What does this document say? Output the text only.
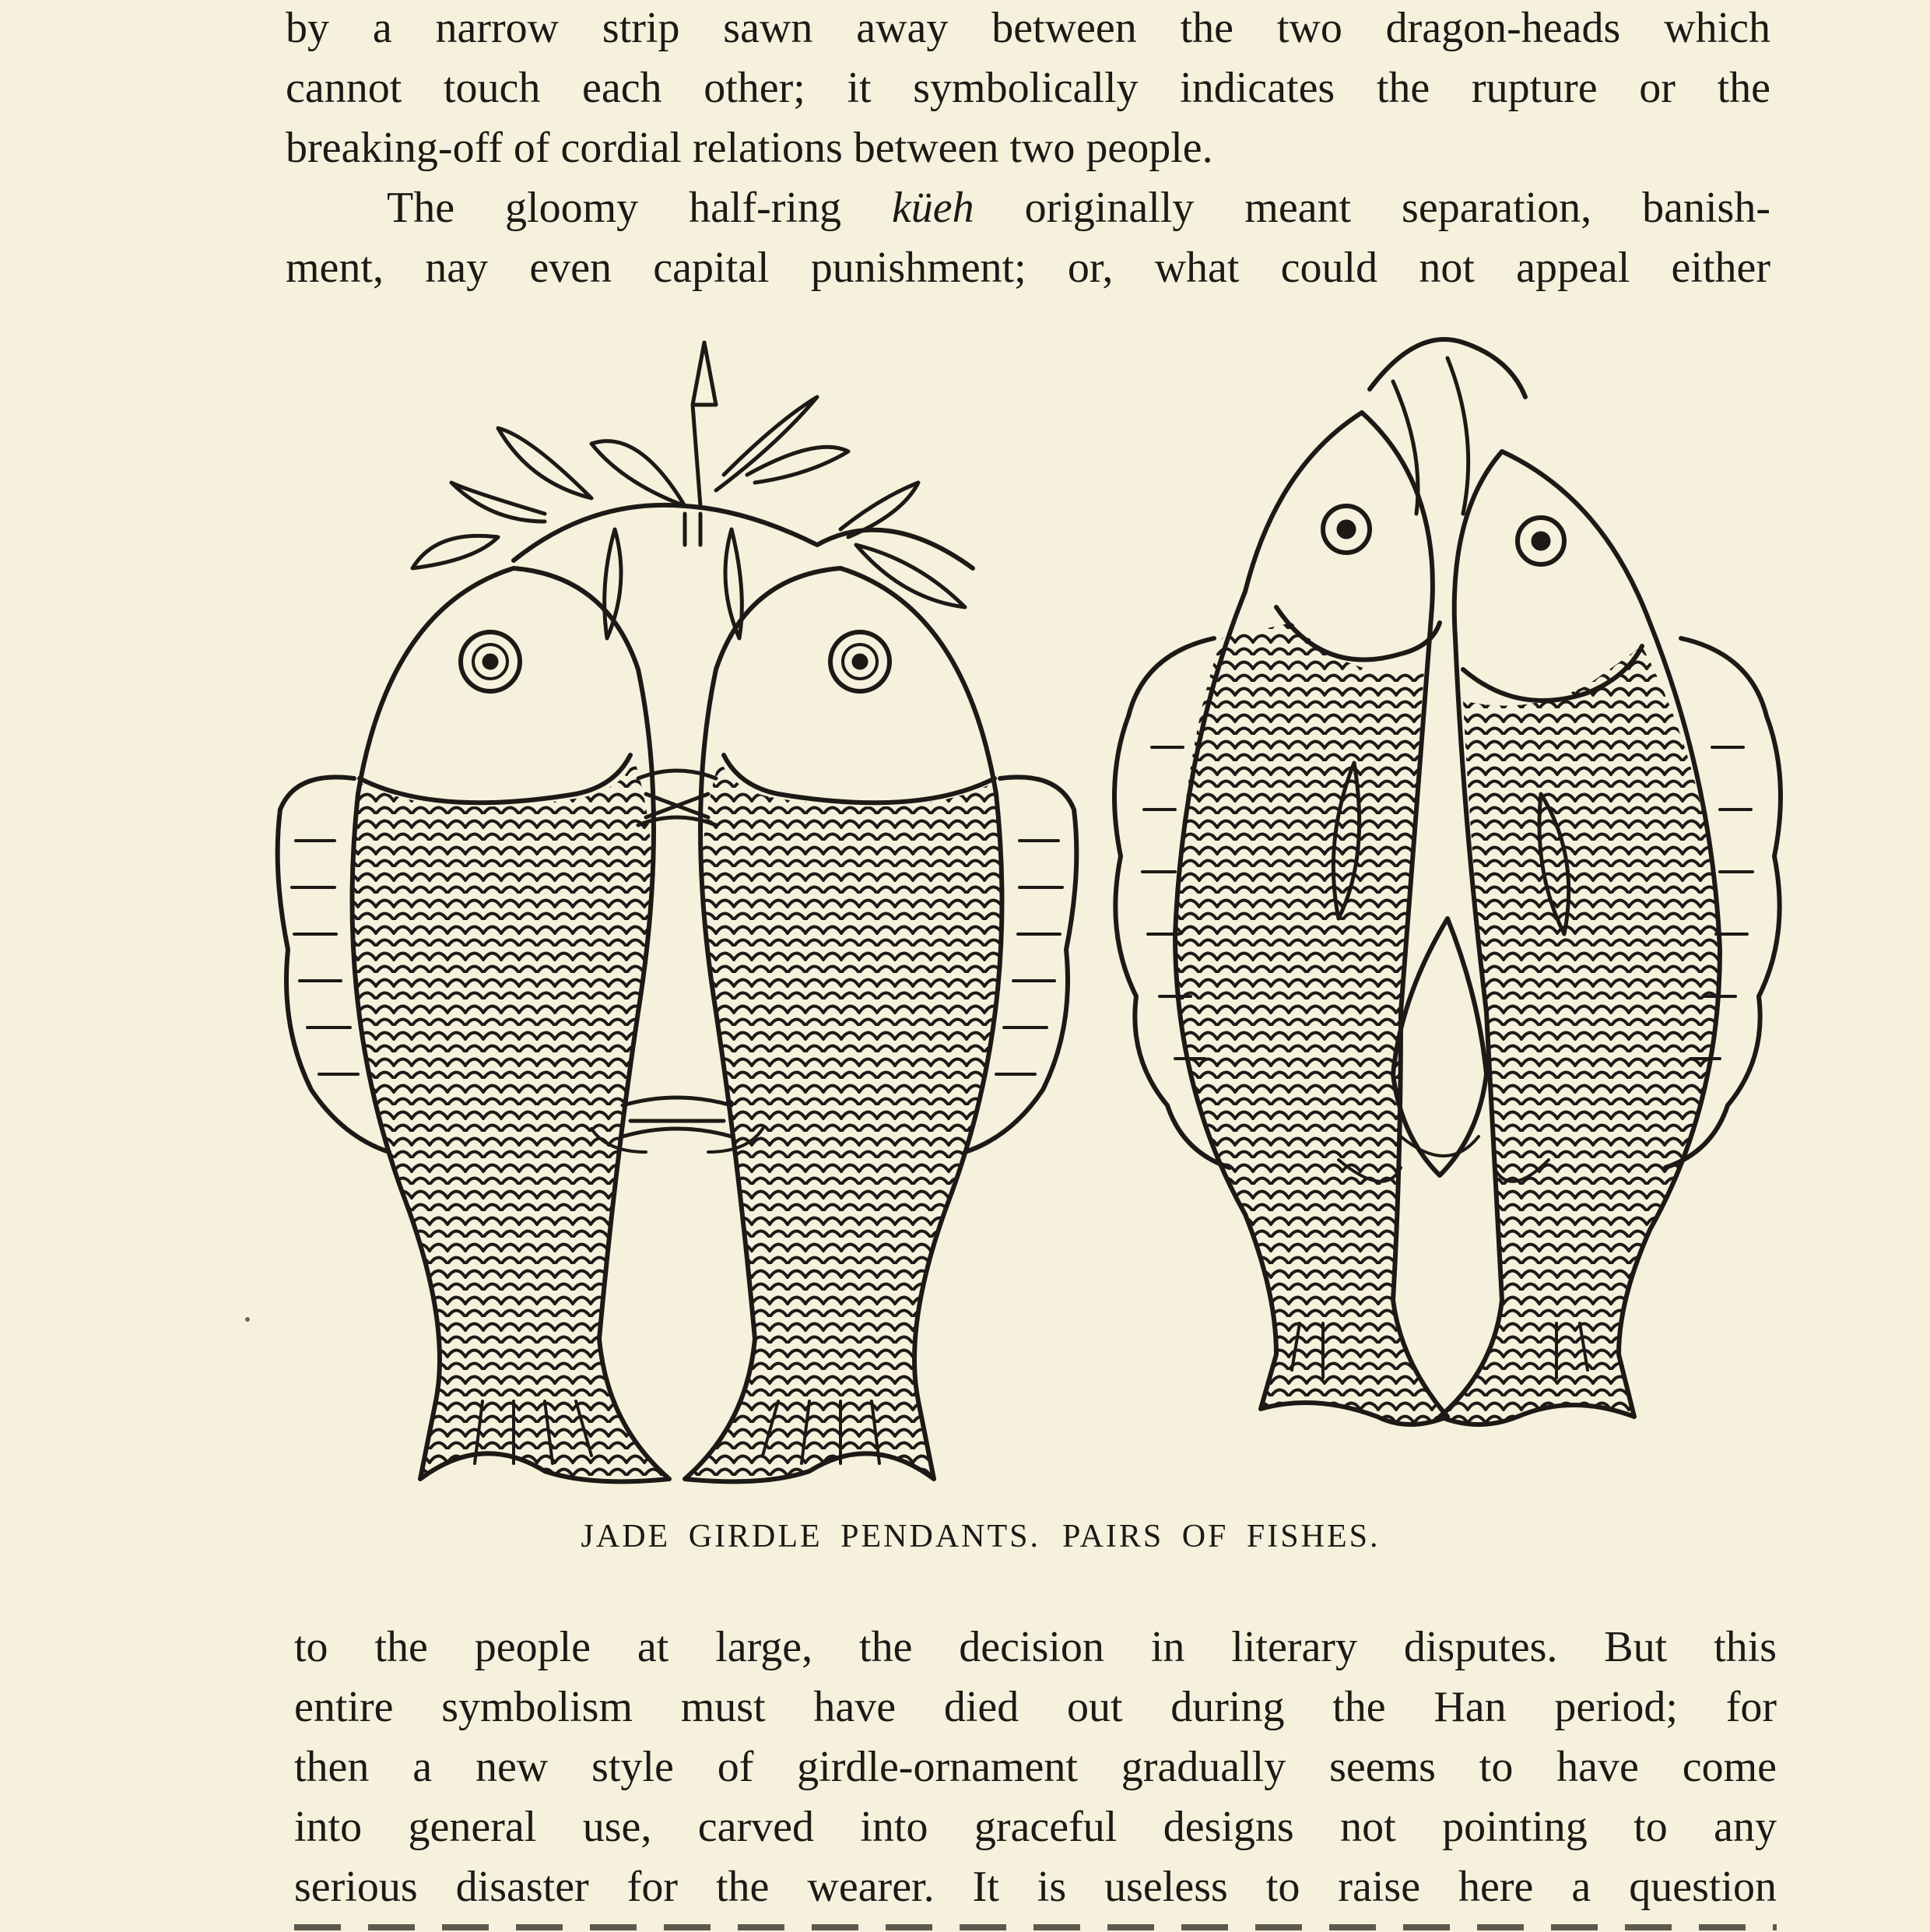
by a narrow strip sawn away between the two dragon-heads which
cannot touch each other; it symbolically indicates the rupture or the
breaking-off of cordial relations between two people.
The gloomy half-ring küeh originally meant separation, banish-
ment, nay even capital punishment; or, what could not appeal either
JADE GIRDLE PENDANTS. PAIRS OF FISHES.
to the people at large, the decision in literary disputes. But this
entire symbolism must have died out during the Han period; for
then a new style of girdle-ornament gradually seems to have come
into general use, carved into graceful designs not pointing to any
serious disaster for the wearer. It is useless to raise here a question
